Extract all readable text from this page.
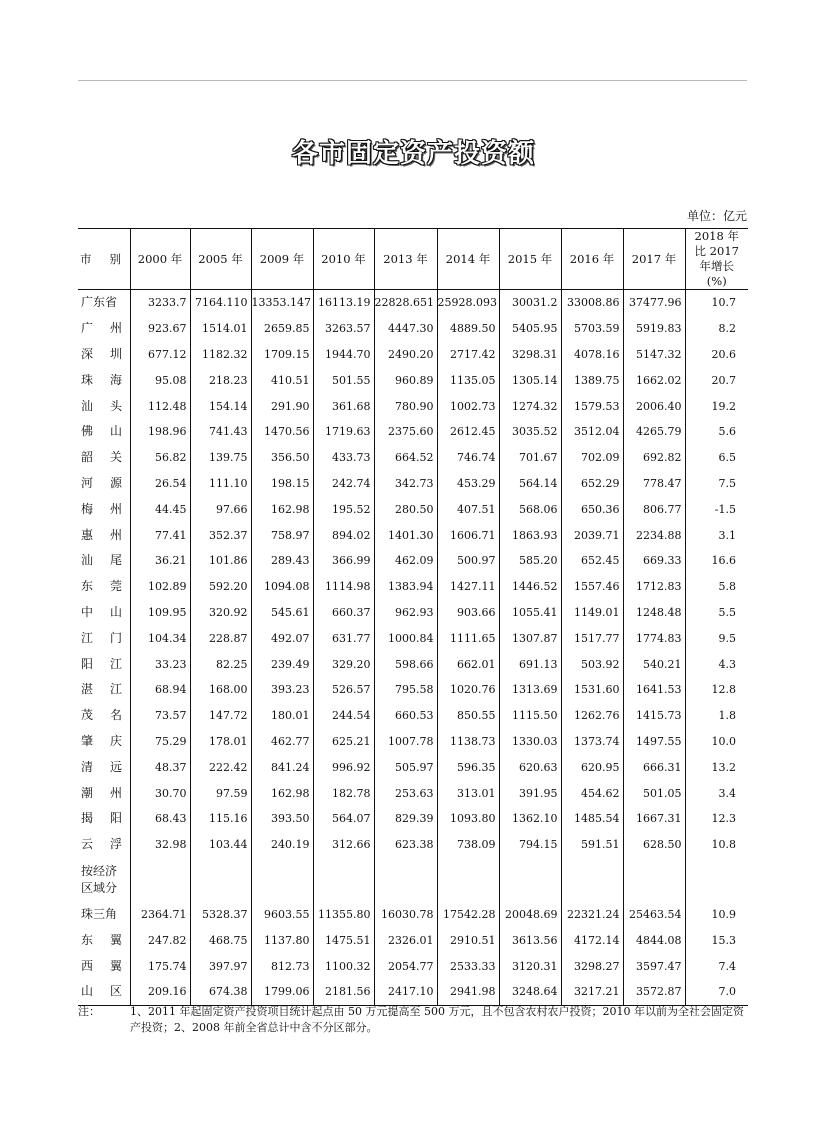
各市固定资产投资额
单位：亿元
市 别	2000 年	2005 年	2009 年	2010 年	2013 年	2014 年	2015 年	2016 年	2017 年	2018 年比 2017 年增长 (%)
广东省	3233.7	7164.110	13353.147	16113.19	22828.651	25928.093	30031.2	33008.86	37477.96	10.7

广 州	923.67	1514.01	2659.85	3263.57	4447.30	4889.50	5405.95	5703.59	5919.83	8.2

深 圳	677.12	1182.32	1709.15	1944.70	2490.20	2717.42	3298.31	4078.16	5147.32	20.6

珠 海	95.08	218.23	410.51	501.55	960.89	1135.05	1305.14	1389.75	1662.02	20.7

汕 头	112.48	154.14	291.90	361.68	780.90	1002.73	1274.32	1579.53	2006.40	19.2

佛 山	198.96	741.43	1470.56	1719.63	2375.60	2612.45	3035.52	3512.04	4265.79	5.6

韶 关	56.82	139.75	356.50	433.73	664.52	746.74	701.67	702.09	692.82	6.5

河 源	26.54	111.10	198.15	242.74	342.73	453.29	564.14	652.29	778.47	7.5

梅 州	44.45	97.66	162.98	195.52	280.50	407.51	568.06	650.36	806.77	-1.5

惠 州	77.41	352.37	758.97	894.02	1401.30	1606.71	1863.93	2039.71	2234.88	3.1

汕 尾	36.21	101.86	289.43	366.99	462.09	500.97	585.20	652.45	669.33	16.6

东 莞	102.89	592.20	1094.08	1114.98	1383.94	1427.11	1446.52	1557.46	1712.83	5.8

中 山	109.95	320.92	545.61	660.37	962.93	903.66	1055.41	1149.01	1248.48	5.5

江 门	104.34	228.87	492.07	631.77	1000.84	1111.65	1307.87	1517.77	1774.83	9.5

阳 江	33.23	82.25	239.49	329.20	598.66	662.01	691.13	503.92	540.21	4.3

湛 江	68.94	168.00	393.23	526.57	795.58	1020.76	1313.69	1531.60	1641.53	12.8

茂 名	73.57	147.72	180.01	244.54	660.53	850.55	1115.50	1262.76	1415.73	1.8

肇 庆	75.29	178.01	462.77	625.21	1007.78	1138.73	1330.03	1373.74	1497.55	10.0

清 远	48.37	222.42	841.24	996.92	505.97	596.35	620.63	620.95	666.31	13.2

潮 州	30.70	97.59	162.98	182.78	253.63	313.01	391.95	454.62	501.05	3.4

揭 阳	68.43	115.16	393.50	564.07	829.39	1093.80	1362.10	1485.54	1667.31	12.3

云 浮	32.98	103.44	240.19	312.66	623.38	738.09	794.15	591.51	628.50	10.8
按经济区域分										
珠三角	2364.71	5328.37	9603.55	11355.80	16030.78	17542.28	20048.69	22321.24	25463.54	10.9

东 翼	247.82	468.75	1137.80	1475.51	2326.01	2910.51	3613.56	4172.14	4844.08	15.3

西 翼	175.74	397.97	812.73	1100.32	2054.77	2533.33	3120.31	3298.27	3597.47	7.4

山 区	209.16	674.38	1799.06	2181.56	2417.10	2941.98	3248.64	3217.21	3572.87	7.0
注：	1、2011 年起固定资产投资项目统计起点由 50 万元提高至 500 万元，且不包含农村农户投资；2010 年以前为全社会固定资产投资；2、2008 年前全省总计中含不分区部分。
